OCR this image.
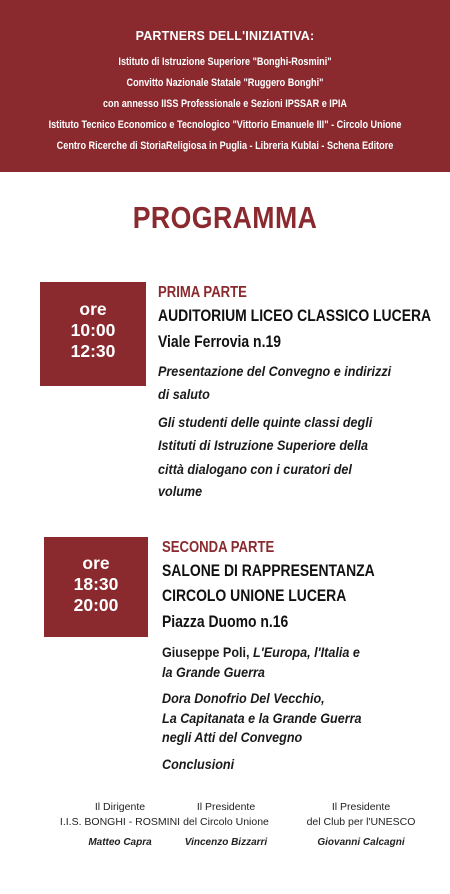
PARTNERS DELL'INIZIATIVA:
Istituto di Istruzione Superiore "Bonghi-Rosmini"
Convitto Nazionale Statale "Ruggero Bonghi"
con annesso IISS Professionale e Sezioni IPSSAR e IPIA
Istituto Tecnico Economico e Tecnologico "Vittorio Emanuele III" - Circolo Unione
Centro Ricerche di StoriaReligiosa in Puglia - Libreria Kublai - Schena Editore
PROGRAMMA
ore
10:00
12:30
PRIMA PARTE
AUDITORIUM LICEO CLASSICO LUCERA
Viale Ferrovia n.19
Presentazione del Convegno e indirizzi
di saluto
Gli studenti delle quinte classi degli
Istituti di Istruzione Superiore della
città dialogano con i curatori del
volume
ore
18:30
20:00
SECONDA PARTE
SALONE DI RAPPRESENTANZA
CIRCOLO UNIONE LUCERA
Piazza Duomo n.16
Giuseppe Poli, L'Europa, l'Italia e
la Grande Guerra
Dora Donofrio Del Vecchio,
La Capitanata e la Grande Guerra
negli Atti del Convegno
Conclusioni
Il Dirigente
I.I.S. BONGHI - ROSMINI
Matteo Capra
Il Presidente
del Circolo Unione
Vincenzo Bizzarri
Il Presidente
del Club per l'UNESCO
Giovanni Calcagni
